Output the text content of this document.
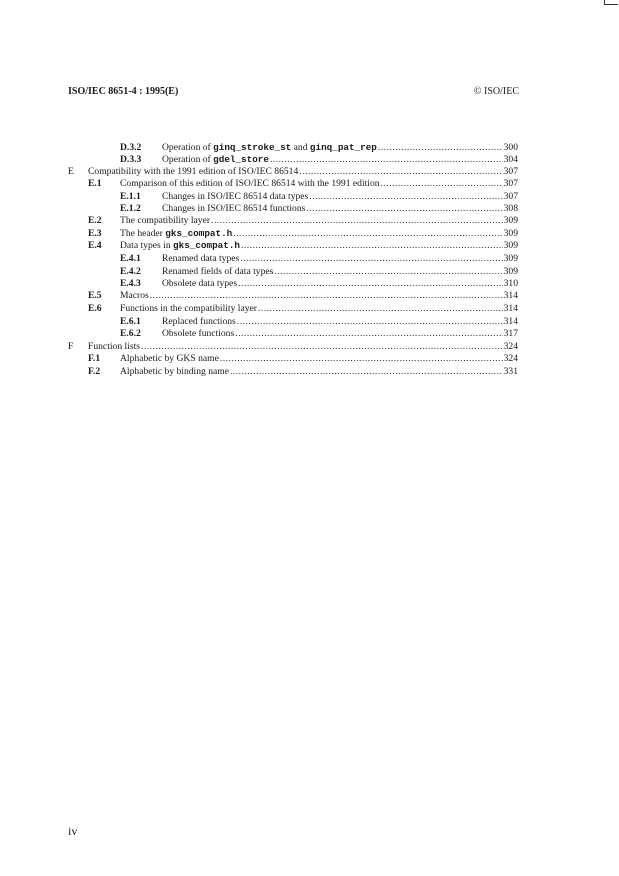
ISO/IEC 8651-4 : 1995(E)	© ISO/IEC
D.3.2	Operation of ginq_stroke_st and ginq_pat_rep .....	300
D.3.3	Operation of gdel_store .....	304
E	Compatibility with the 1991 edition of ISO/IEC 86514 .....	307
E.1	Comparison of this edition of ISO/IEC 86514 with the 1991 edition .....	307
E.1.1	Changes in ISO/IEC 86514 data types .....	307
E.1.2	Changes in ISO/IEC 86514 functions .....	308
E.2	The compatibility layer .....	309
E.3	The header gks_compat.h .....	309
E.4	Data types in gks_compat.h .....	309
E.4.1	Renamed data types .....	309
E.4.2	Renamed fields of data types .....	309
E.4.3	Obsolete data types .....	310
E.5	Macros .....	314
E.6	Functions in the compatibility layer .....	314
E.6.1	Replaced functions .....	314
E.6.2	Obsolete functions .....	317
F	Function lists .....	324
F.1	Alphabetic by GKS name .....	324
F.2	Alphabetic by binding name .....	331
iv
